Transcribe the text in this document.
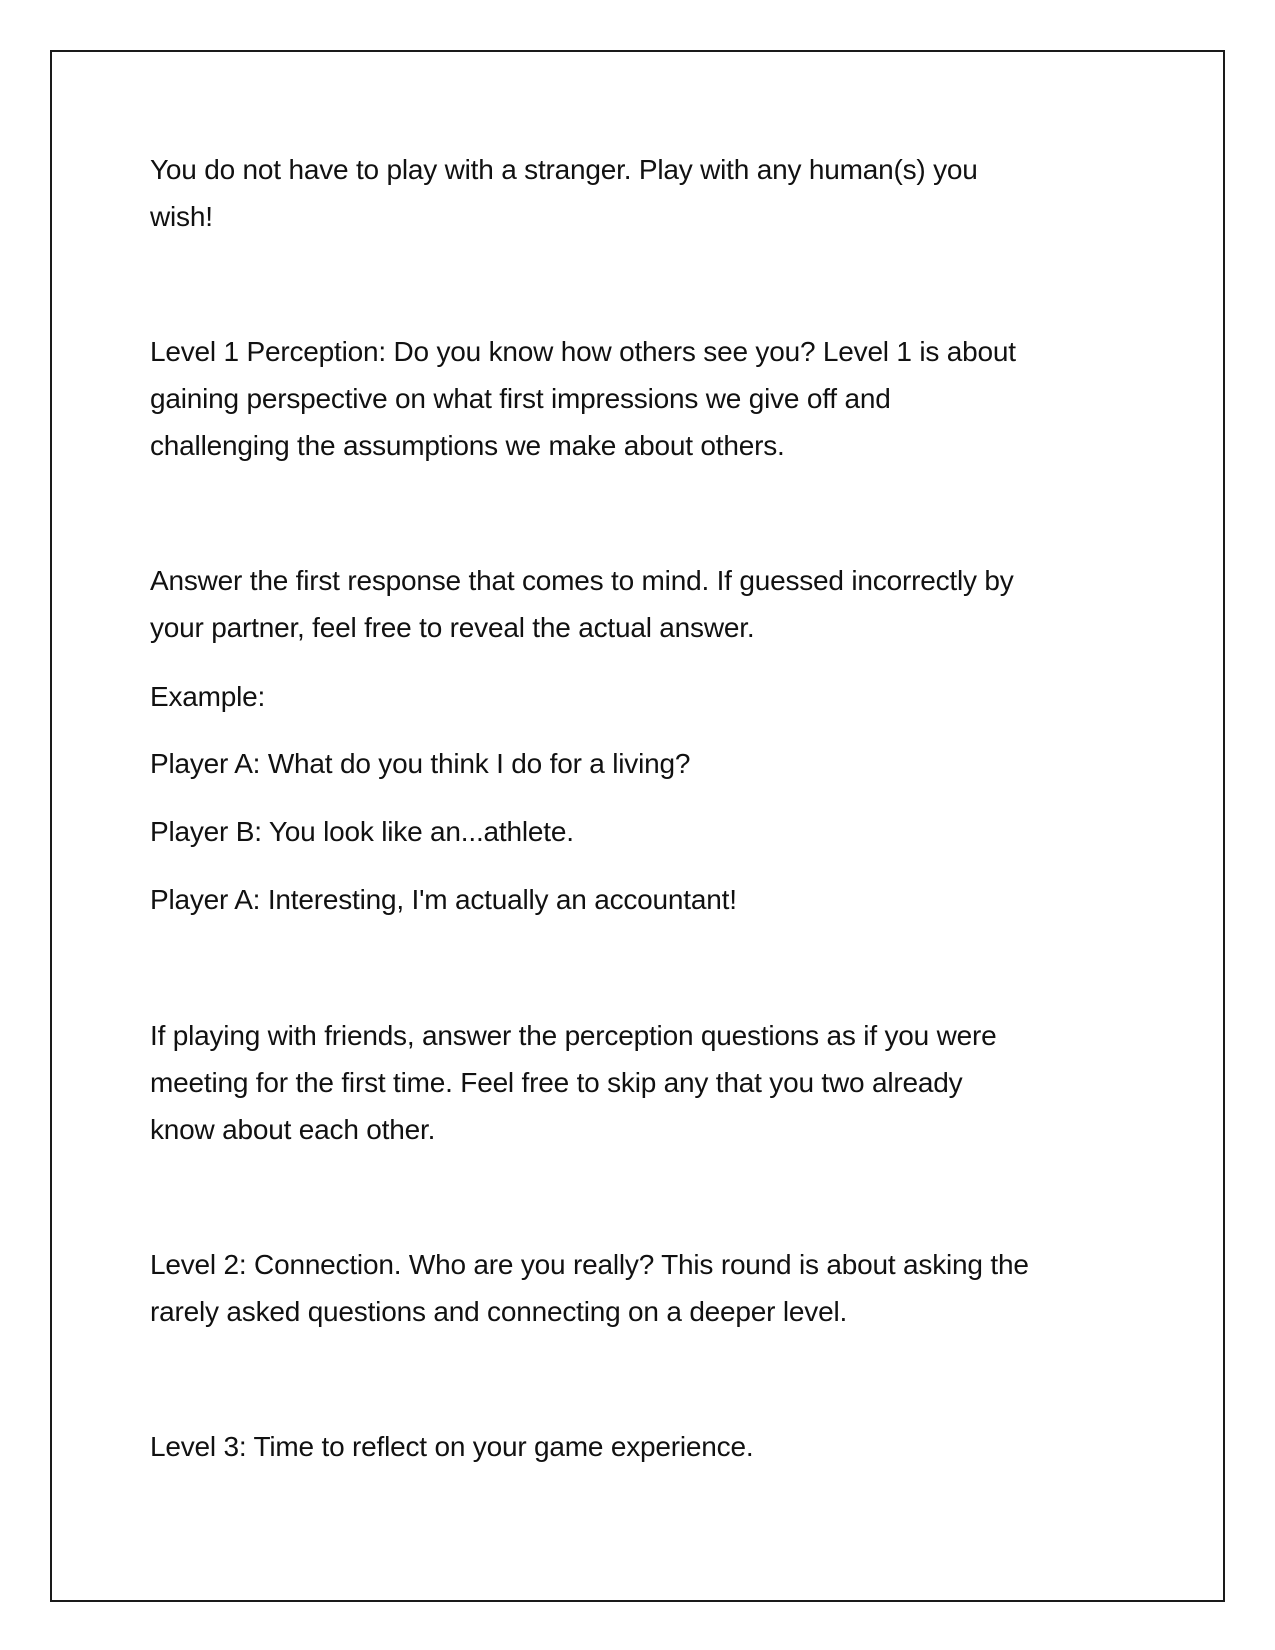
You do not have to play with a stranger. Play with any human(s) you
wish!

Level 1 Perception: Do you know how others see you? Level 1 is about
gaining perspective on what first impressions we give off and
challenging the assumptions we make about others.

Answer the first response that comes to mind. If guessed incorrectly by
your partner, feel free to reveal the actual answer.

Example:

Player A: What do you think I do for a living?

Player B: You look like an...athlete.

Player A: Interesting, I'm actually an accountant!

If playing with friends, answer the perception questions as if you were
meeting for the first time. Feel free to skip any that you two already
know about each other.

Level 2: Connection. Who are you really? This round is about asking the
rarely asked questions and connecting on a deeper level.

Level 3: Time to reflect on your game experience.
